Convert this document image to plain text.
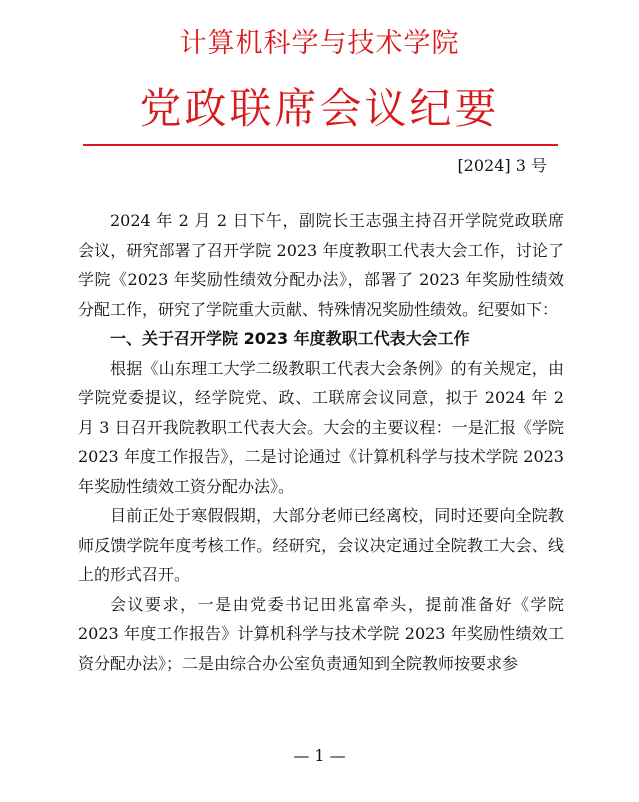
计算机科学与技术学院
党政联席会议纪要
[2024] 3 号

2024 年 2 月 2 日下午，副院长王志强主持召开学院党政联席会议，研究部署了召开学院 2023 年度教职工代表大会工作，讨论了学院《2023 年奖励性绩效分配办法》，部署了 2023 年奖励性绩效分配工作，研究了学院重大贡献、特殊情况奖励性绩效。纪要如下：

一、关于召开学院 2023 年度教职工代表大会工作

根据《山东理工大学二级教职工代表大会条例》的有关规定，由学院党委提议，经学院党、政、工联席会议同意，拟于 2024 年 2 月 3 日召开我院教职工代表大会。大会的主要议程：一是汇报《学院 2023 年度工作报告》，二是讨论通过《计算机科学与技术学院 2023 年奖励性绩效工资分配办法》。

目前正处于寒假假期，大部分老师已经离校，同时还要向全院教师反馈学院年度考核工作。经研究，会议决定通过全院教工大会、线上的形式召开。

会议要求，一是由党委书记田兆富牵头，提前准备好《学院 2023 年度工作报告》计算机科学与技术学院 2023 年奖励性绩效工资分配办法》；二是由综合办公室负责通知到全院教师按要求参

— 1 —
